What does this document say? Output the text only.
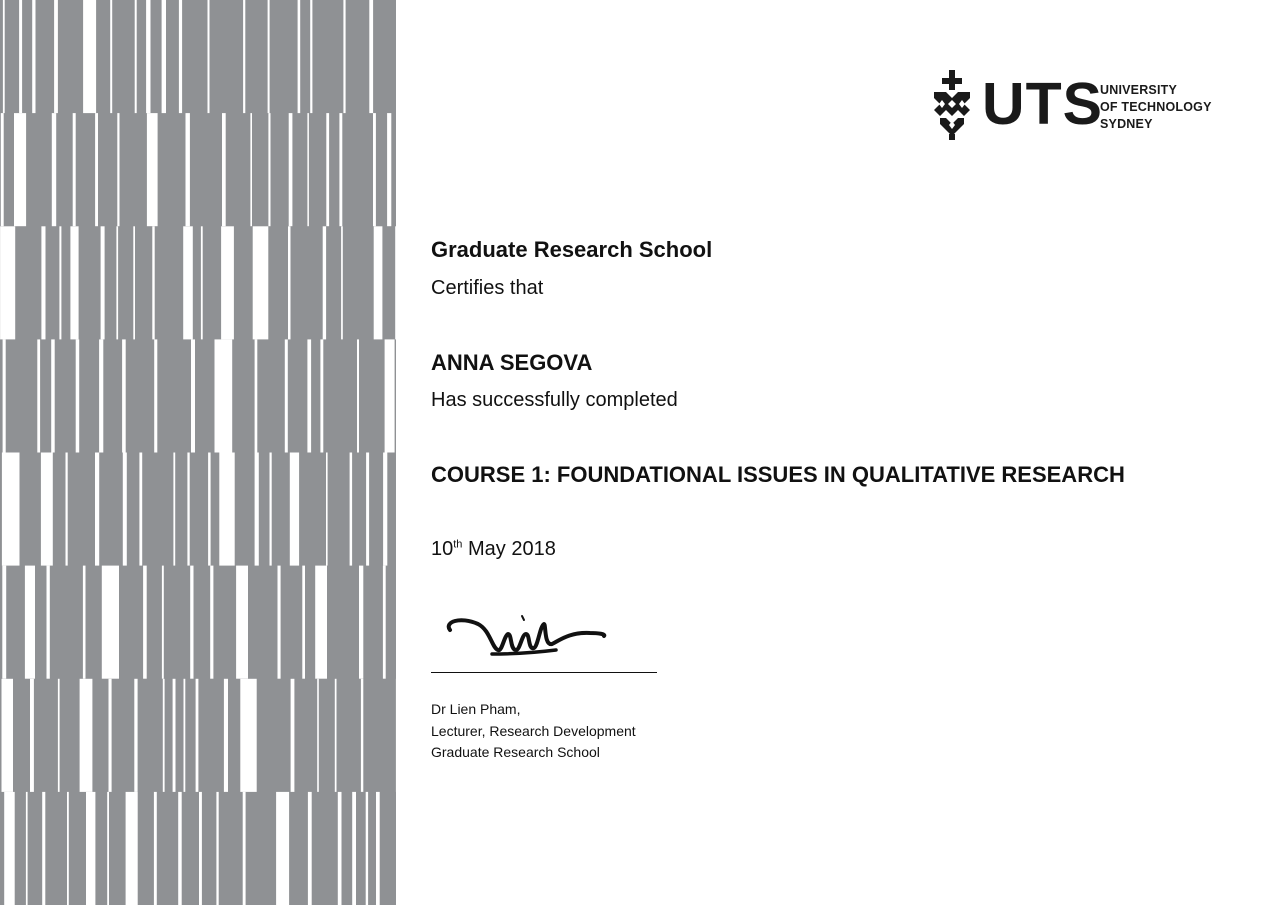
UTS
UNIVERSITY
OF TECHNOLOGY
SYDNEY
Graduate Research School
Certifies that
ANNA SEGOVA
Has successfully completed
COURSE 1: FOUNDATIONAL ISSUES IN QUALITATIVE RESEARCH
10th May 2018
Dr Lien Pham,
Lecturer, Research Development
Graduate Research School
